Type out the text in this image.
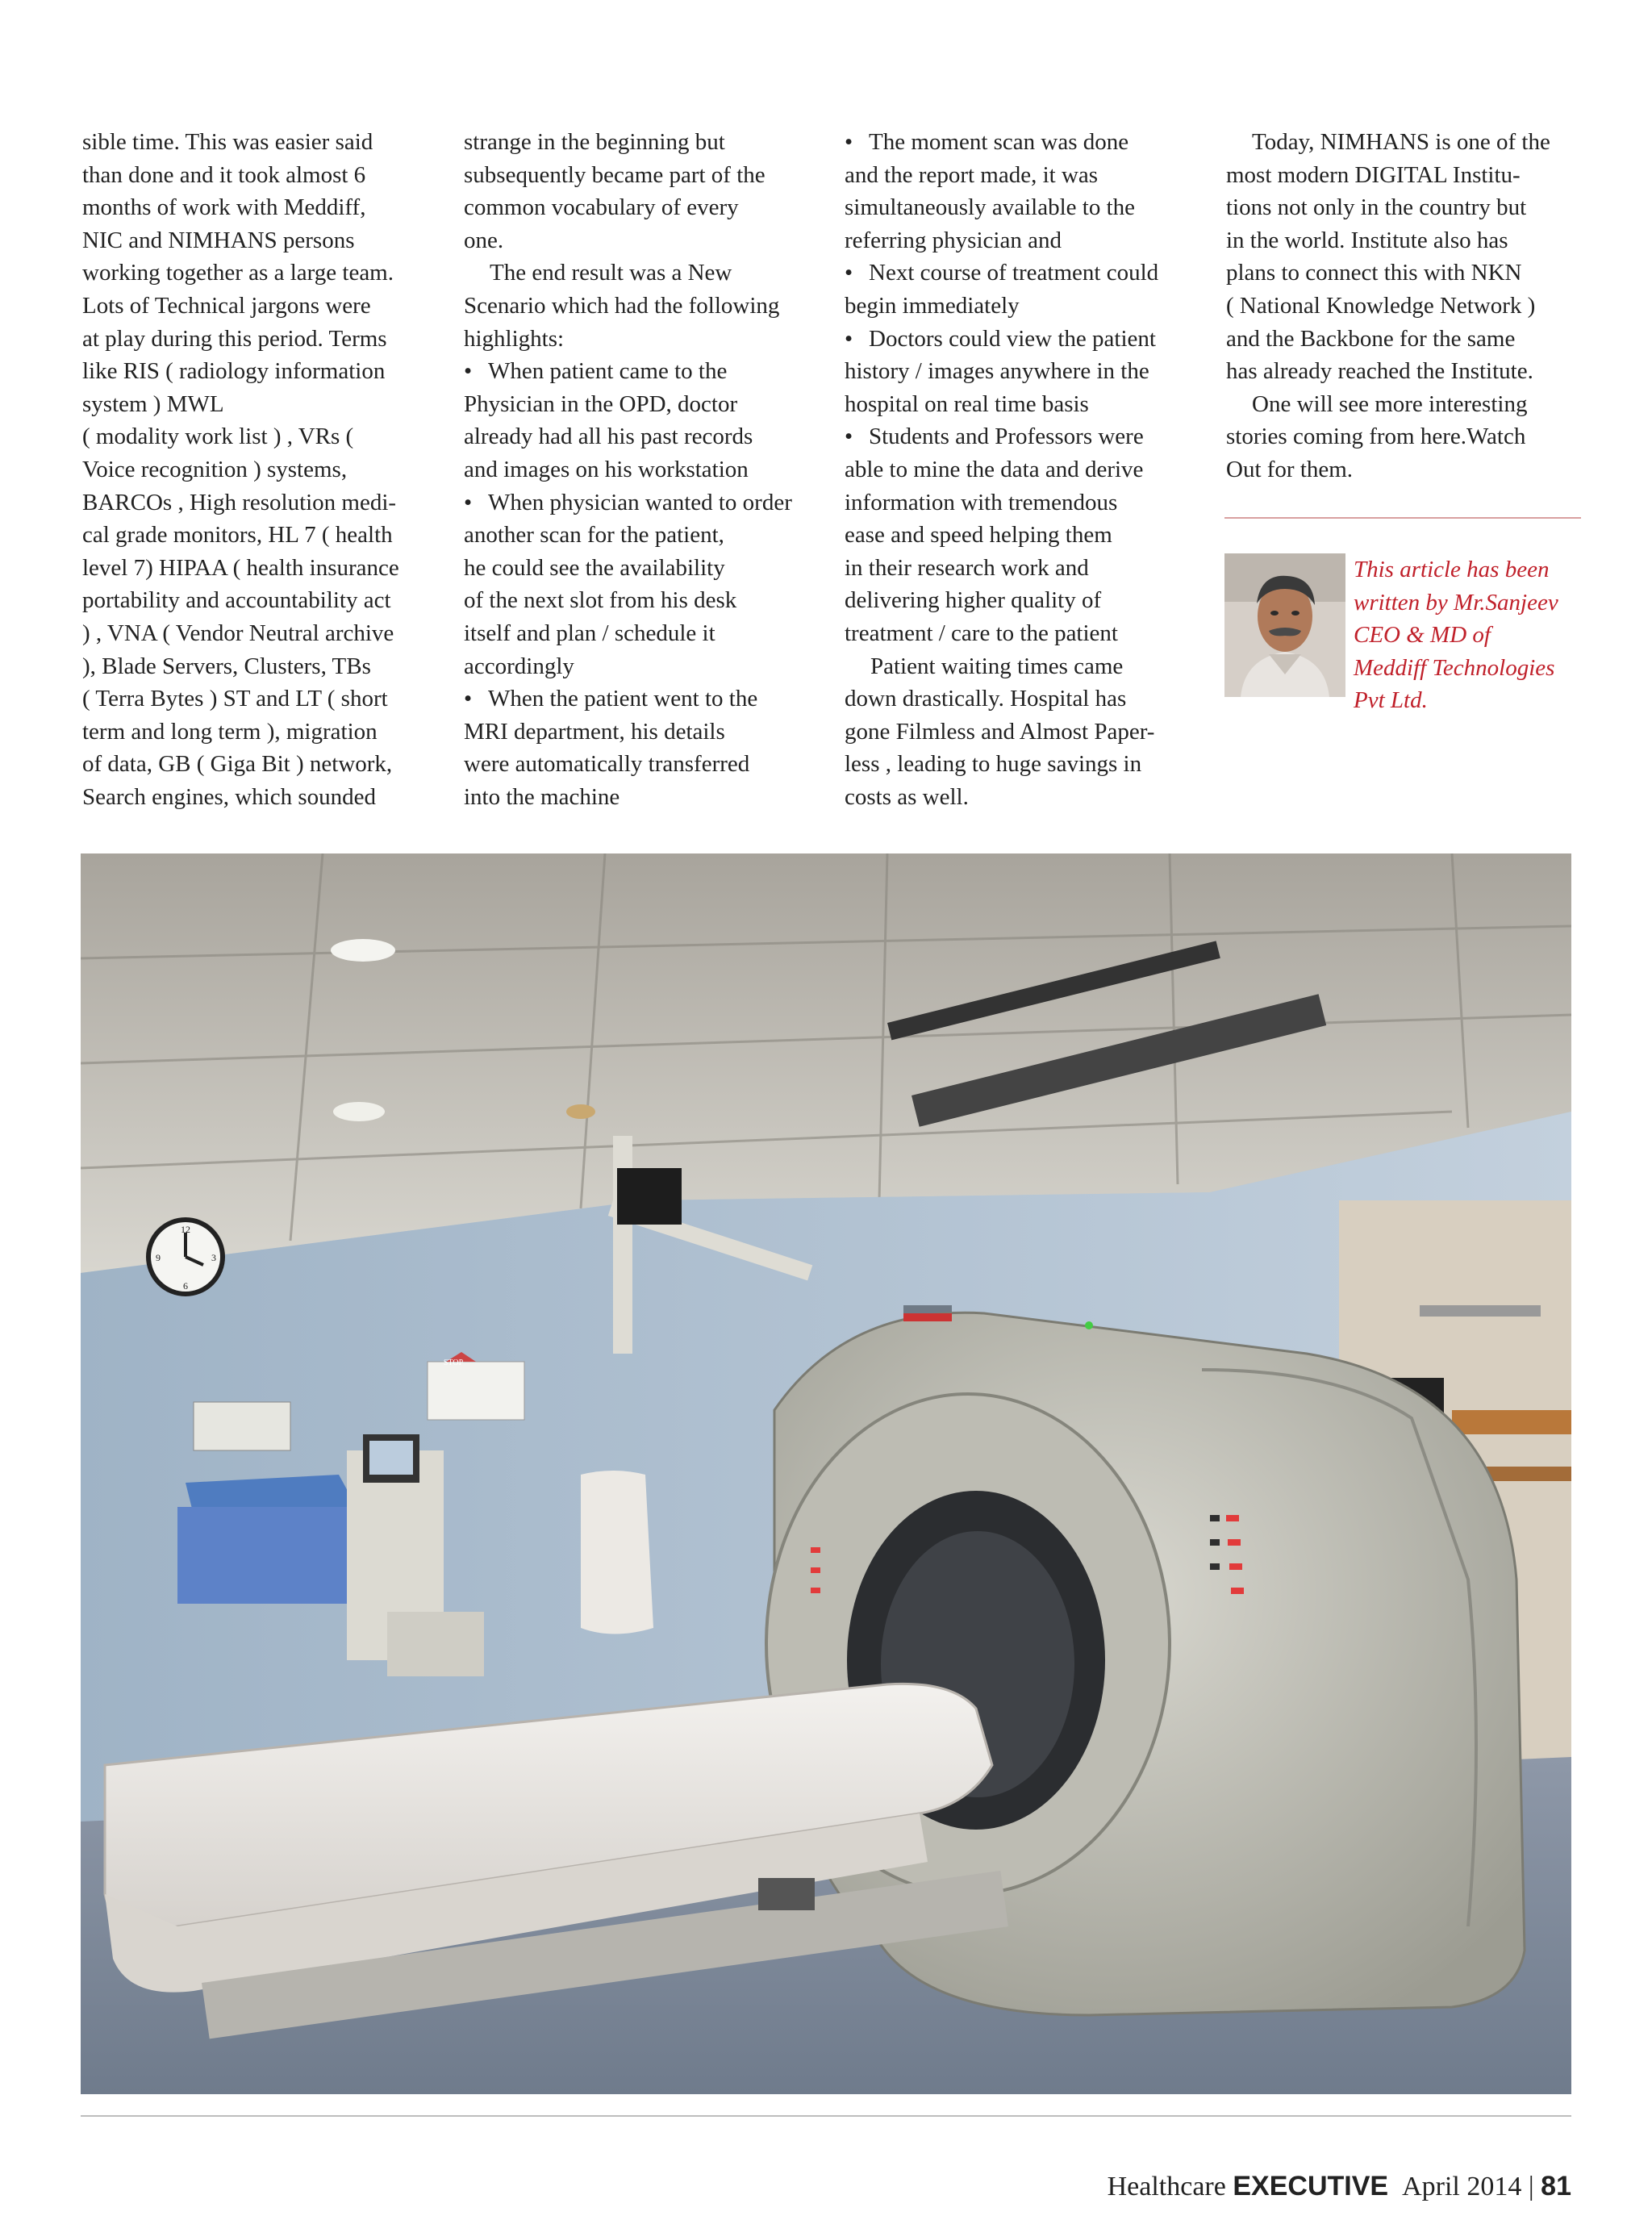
sible time. This was easier said
than done and it took almost 6
months of work with Meddiff,
NIC and NIMHANS persons
working together as a large team.
Lots of Technical jargons were
at play during this period. Terms
like RIS ( radiology information
system ) MWL
( modality work list ) , VRs (
Voice recognition ) systems,
BARCOs , High resolution medi-
cal grade monitors, HL 7 ( health
level 7) HIPAA ( health insurance
portability and accountability act
) , VNA ( Vendor Neutral archive
), Blade Servers, Clusters, TBs
( Terra Bytes ) ST and LT ( short
term and long term ), migration
of data, GB ( Giga Bit ) network,
Search engines, which sounded
strange in the beginning but
subsequently became part of the
common vocabulary of every
one.
The end result was a New
Scenario which had the following
highlights:
• When patient came to the
Physician in the OPD, doctor
already had all his past records
and images on his workstation
• When physician wanted to order
another scan for the patient,
he could see the availability
of the next slot from his desk
itself and plan / schedule it
accordingly
• When the patient went to the
MRI department, his details
were automatically transferred
into the machine
• The moment scan was done
and the report made, it was
simultaneously available to the
referring physician and
• Next course of treatment could
begin immediately
• Doctors could view the patient
history / images anywhere in the
hospital on real time basis
• Students and Professors were
able to mine the data and derive
information with tremendous
ease and speed helping them
in their research work and
delivering higher quality of
treatment / care to the patient
Patient waiting times came
down drastically. Hospital has
gone Filmless and Almost Paper-
less , leading to huge savings in
costs as well.
Today, NIMHANS is one of the
most modern DIGITAL Institu-
tions not only in the country but
in the world. Institute also has
plans to connect this with NKN
( National Knowledge Network )
and the Backbone for the same
has already reached the Institute.
One will see more interesting
stories coming from here.Watch
Out for them.
This article has been
written by Mr.Sanjeev
CEO & MD of
Meddiff Technologies
Pvt Ltd.
12
3
6
9
STOP
Healthcare EXECUTIVE April 2014 | 81
